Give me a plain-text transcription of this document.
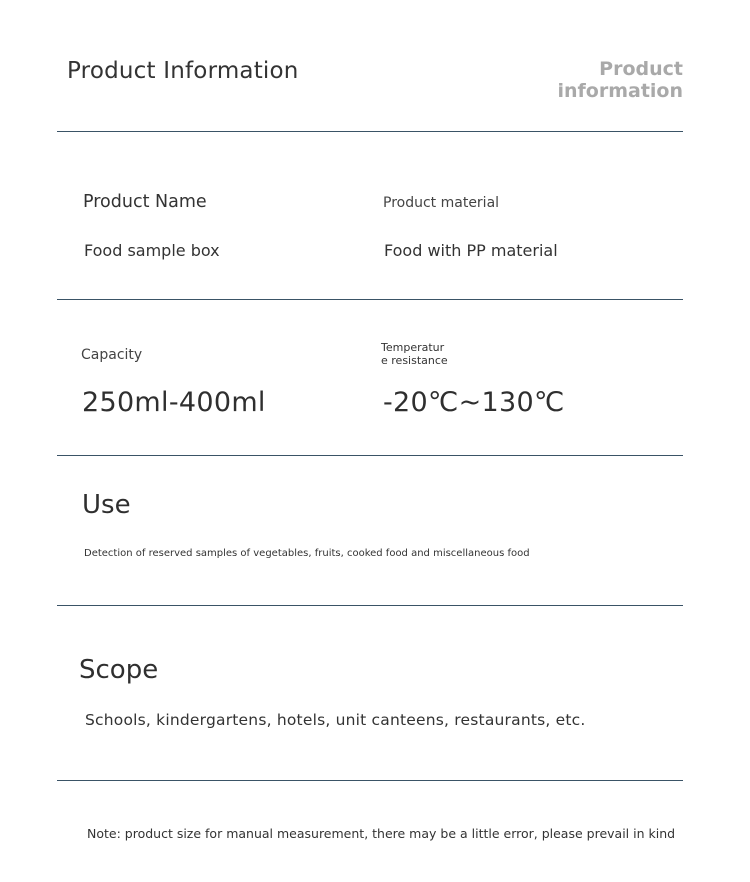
Product Information	Product
information
Product Name	Product material
Food sample box	Food with PP material
Capacity	Temperatur
e resistance
250ml-400ml	-20℃~130℃
Use
Detection of reserved samples of vegetables, fruits, cooked food and miscellaneous food
Scope
Schools, kindergartens, hotels, unit canteens, restaurants, etc.
Note: product size for manual measurement, there may be a little error, please prevail in kind
